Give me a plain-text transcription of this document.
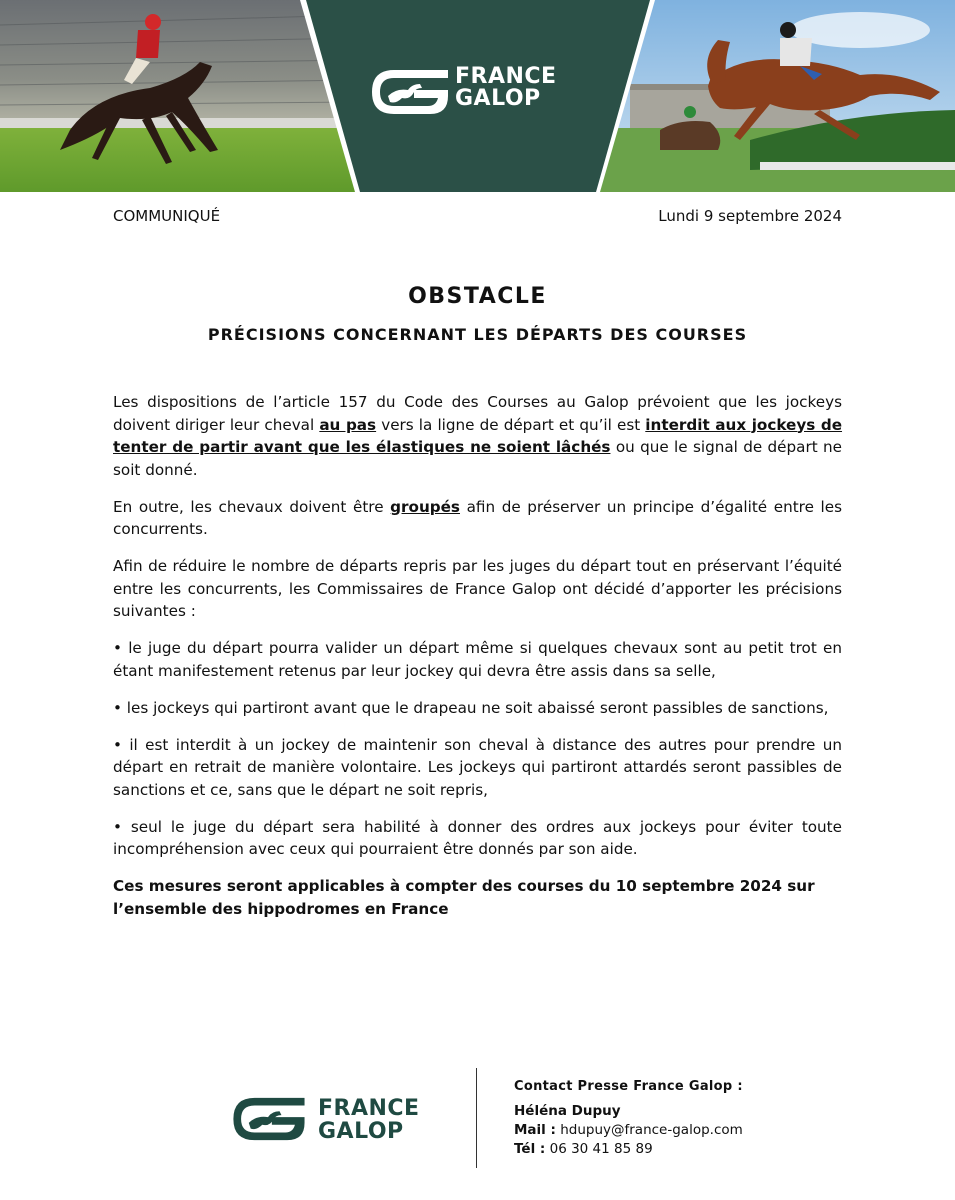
FRANCE
GALOP
COMMUNIQUÉ	Lundi 9 septembre 2024
OBSTACLE
PRÉCISIONS CONCERNANT LES DÉPARTS DES COURSES

Les dispositions de l’article 157 du Code des Courses au Galop prévoient que les jockeys doivent diriger leur cheval au pas vers la ligne de départ et qu’il est interdit aux jockeys de tenter de partir avant que les élastiques ne soient lâchés ou que le signal de départ ne soit donné.

En outre, les chevaux doivent être groupés afin de préserver un principe d’égalité entre les concurrents.

Afin de réduire le nombre de départs repris par les juges du départ tout en préservant l’équité entre les concurrents, les Commissaires de France Galop ont décidé d’apporter les précisions suivantes :

• le juge du départ pourra valider un départ même si quelques chevaux sont au petit trot en étant manifestement retenus par leur jockey qui devra être assis dans sa selle,

• les jockeys qui partiront avant que le drapeau ne soit abaissé seront passibles de sanctions,

• il est interdit à un jockey de maintenir son cheval à distance des autres pour prendre un départ en retrait de manière volontaire. Les jockeys qui partiront attardés seront passibles de sanctions et ce, sans que le départ ne soit repris,

• seul le juge du départ sera habilité à donner des ordres aux jockeys pour éviter toute incompréhension avec ceux qui pourraient être donnés par son aide.

Ces mesures seront applicables à compter des courses du 10 septembre 2024 sur l’ensemble des hippodromes en France

FRANCE
GALOP
Contact Presse France Galop :
Héléna Dupuy
Mail : hdupuy@france-galop.com
Tél : 06 30 41 85 89
